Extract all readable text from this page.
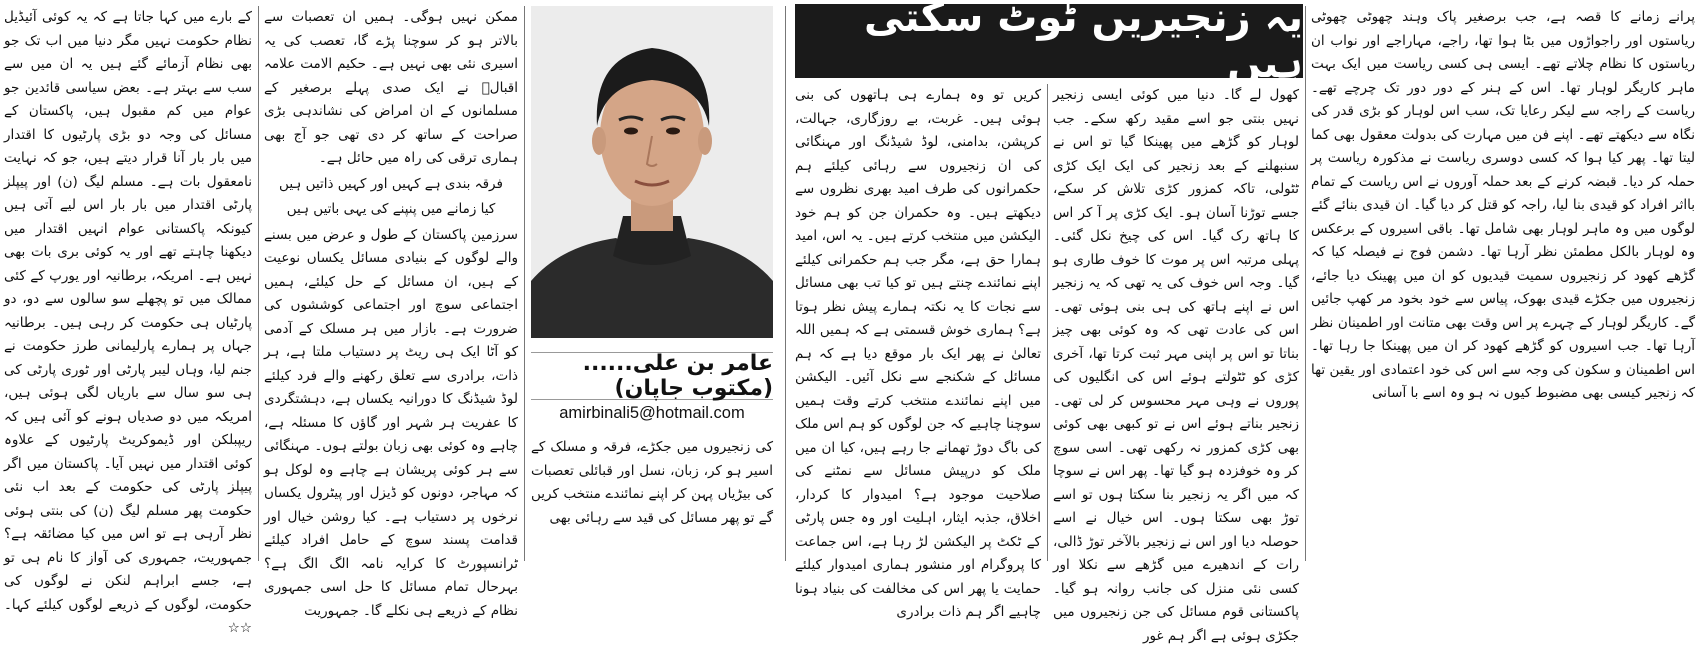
پرانے زمانے کا قصہ ہے، جب برصغیر پاک وہند چھوٹی چھوٹی ریاستوں اور راجواڑوں میں بٹا ہوا تھا، راجے، مہاراجے اور نواب ان ریاستوں کا نظام چلاتے تھے۔ ایسی ہی کسی ریاست میں ایک بہت ماہر کاریگر لوہار تھا۔ اس کے ہنر کے دور دور تک چرچے تھے۔ ریاست کے راجہ سے لیکر رعایا تک، سب اس لوہار کو بڑی قدر کی نگاہ سے دیکھتے تھے۔ اپنے فن میں مہارت کی بدولت معقول بھی کما لیتا تھا۔ پھر کیا ہوا کہ کسی دوسری ریاست نے مذکورہ ریاست پر حملہ کر دیا۔ قبضہ کرنے کے بعد حملہ آوروں نے اس ریاست کے تمام بااثر افراد کو قیدی بنا لیا، راجہ کو قتل کر دیا گیا۔ ان قیدی بنائے گئے لوگوں میں وہ ماہر لوہار بھی شامل تھا۔ باقی اسیروں کے برعکس وہ لوہار بالکل مطمئن نظر آرہا تھا۔ دشمن فوج نے فیصلہ کیا کہ گڑھے کھود کر زنجیروں سمیت قیدیوں کو ان میں پھینک دیا جائے، زنجیروں میں جکڑے قیدی بھوک، پیاس سے خود بخود مر کھپ جائیں گے۔ کاریگر لوہار کے چہرے پر اس وقت بھی متانت اور اطمینان نظر آرہا تھا۔ جب اسیروں کو گڑھے کھود کر ان میں پھینکا جا رہا تھا۔ اس اطمینان و سکون کی وجہ سے اس کی خود اعتمادی اور یقین تھا کہ زنجیر کیسی بھی مضبوط کیوں نہ ہو وہ اسے با آسانی

یہ زنجیریں ٹوٹ سکتی ہیں

کھول لے گا۔ دنیا میں کوئی ایسی زنجیر نہیں بنتی جو اسے مقید رکھ سکے۔ جب لوہار کو گڑھے میں پھینکا گیا تو اس نے سنبھلنے کے بعد زنجیر کی ایک ایک کڑی ٹٹولی، تاکہ کمزور کڑی تلاش کر سکے، جسے توڑنا آسان ہو۔ ایک کڑی پر آ کر اس کا ہاتھ رک گیا۔ اس کی چیخ نکل گئی۔ پہلی مرتبہ اس پر موت کا خوف طاری ہو گیا۔ وجہ اس خوف کی یہ تھی کہ یہ زنجیر اس نے اپنے ہاتھ کی ہی بنی ہوئی تھی۔ اس کی عادت تھی کہ وہ کوئی بھی چیز بناتا تو اس پر اپنی مہر ثبت کرتا تھا، آخری کڑی کو ٹٹولتے ہوئے اس کی انگلیوں کی پوروں نے وہی مہر محسوس کر لی تھی۔ زنجیر بناتے ہوئے اس نے تو کبھی بھی کوئی بھی کڑی کمزور نہ رکھی تھی۔ اسی سوچ کر وہ خوفزدہ ہو گیا تھا۔ پھر اس نے سوچا کہ میں اگر یہ زنجیر بنا سکتا ہوں تو اسے توڑ بھی سکتا ہوں۔ اس خیال نے اسے حوصلہ دیا اور اس نے زنجیر بالآخر توڑ ڈالی، رات کے اندھیرے میں گڑھے سے نکلا اور کسی نئی منزل کی جانب روانہ ہو گیا۔ پاکستانی قوم مسائل کی جن زنجیروں میں جکڑی ہوئی ہے اگر ہم غور

کریں تو وہ ہمارے ہی ہاتھوں کی بنی ہوئی ہیں۔ غربت، بے روزگاری، جہالت، کرپشن، بدامنی، لوڈ شیڈنگ اور مہنگائی کی ان زنجیروں سے رہائی کیلئے ہم حکمرانوں کی طرف امید بھری نظروں سے دیکھتے ہیں۔ وہ حکمران جن کو ہم خود الیکشن میں منتخب کرتے ہیں۔ یہ اس، امید ہمارا حق ہے، مگر جب ہم حکمرانی کیلئے اپنے نمائندے چنتے ہیں تو کیا تب بھی مسائل سے نجات کا یہ نکتہ ہمارے پیش نظر ہوتا ہے؟ ہماری خوش قسمتی ہے کہ ہمیں اللہ تعالیٰ نے پھر ایک بار موقع دیا ہے کہ ہم مسائل کے شکنجے سے نکل آئیں۔ الیکشن میں اپنے نمائندے منتخب کرتے وقت ہمیں سوچنا چاہیے کہ جن لوگوں کو ہم اس ملک کی باگ دوڑ تھمانے جا رہے ہیں، کیا ان میں ملک کو درپیش مسائل سے نمٹنے کی صلاحیت موجود ہے؟ امیدوار کا کردار، اخلاق، جذبہ ایثار، اہلیت اور وہ جس پارٹی کے ٹکٹ پر الیکشن لڑ رہا ہے، اس جماعت کا پروگرام اور منشور ہماری امیدوار کیلئے حمایت یا پھر اس کی مخالفت کی بنیاد ہونا چاہیے اگر ہم ذات برادری

عامر بن علی......(مکتوب جاپان)
amirbinali5@hotmail.com

کی زنجیروں میں جکڑے، فرقہ و مسلک کے اسیر ہو کر، زبان، نسل اور قبائلی تعصبات کی بیڑیاں پہن کر اپنے نمائندے منتخب کریں گے تو پھر مسائل کی قید سے رہائی بھی

ممکن نہیں ہوگی۔ ہمیں ان تعصبات سے بالاتر ہو کر سوچنا پڑے گا، تعصب کی یہ اسیری نئی بھی نہیں ہے۔ حکیم الامت علامہ اقبالؒ نے ایک صدی پہلے برصغیر کے مسلمانوں کے ان امراض کی نشاندہی بڑی صراحت کے ساتھ کر دی تھی جو آج بھی ہماری ترقی کی راہ میں حائل ہے۔

فرقہ بندی ہے کہیں اور کہیں ذاتیں ہیں

کیا زمانے میں پنپنے کی یہی باتیں ہیں

سرزمین پاکستان کے طول و عرض میں بسنے والے لوگوں کے بنیادی مسائل یکساں نوعیت کے ہیں، ان مسائل کے حل کیلئے، ہمیں اجتماعی سوچ اور اجتماعی کوششوں کی ضرورت ہے۔ بازار میں ہر مسلک کے آدمی کو آٹا ایک ہی ریٹ پر دستیاب ملتا ہے، ہر ذات، برادری سے تعلق رکھنے والے فرد کیلئے لوڈ شیڈنگ کا دورانیہ یکساں ہے، دہشتگردی کا عفریت ہر شہر اور گاؤں کا مسئلہ ہے، چاہے وہ کوئی بھی زبان بولتے ہوں۔ مہنگائی سے ہر کوئی پریشان ہے چاہے وہ لوکل ہو کہ مہاجر، دونوں کو ڈیزل اور پیٹرول یکساں نرخوں پر دستیاب ہے۔ کیا روشن خیال اور قدامت پسند سوچ کے حامل افراد کیلئے ٹرانسپورٹ کا کرایہ نامہ الگ الگ ہے؟ بہرحال تمام مسائل کا حل اسی جمہوری نظام کے ذریعے ہی نکلے گا۔ جمہوریت

کے بارے میں کہا جاتا ہے کہ یہ کوئی آئیڈیل نظام حکومت نہیں مگر دنیا میں اب تک جو بھی نظام آزمائے گئے ہیں یہ ان میں سے سب سے بہتر ہے۔ بعض سیاسی قائدین جو عوام میں کم مقبول ہیں، پاکستان کے مسائل کی وجہ دو بڑی پارٹیوں کا اقتدار میں بار بار آنا قرار دیتے ہیں، جو کہ نہایت نامعقول بات ہے۔ مسلم لیگ (ن) اور پیپلز پارٹی اقتدار میں بار بار اس لیے آتی ہیں کیونکہ پاکستانی عوام انہیں اقتدار میں دیکھنا چاہتے تھے اور یہ کوئی بری بات بھی نہیں ہے۔ امریکہ، برطانیہ اور یورپ کے کئی ممالک میں تو پچھلے سو سالوں سے دو، دو پارٹیاں ہی حکومت کر رہی ہیں۔ برطانیہ جہاں پر ہمارے پارلیمانی طرز حکومت نے جنم لیا، وہاں لیبر پارٹی اور ٹوری پارٹی کی ہی سو سال سے باریاں لگی ہوئی ہیں، امریکہ میں دو صدیاں ہونے کو آئی ہیں کہ ریپبلکن اور ڈیموکریٹ پارٹیوں کے علاوہ کوئی اقتدار میں نہیں آیا۔ پاکستان میں اگر پیپلز پارٹی کی حکومت کے بعد اب نئی حکومت پھر مسلم لیگ (ن) کی بنتی ہوئی نظر آرہی ہے تو اس میں کیا مضائقہ ہے؟ جمہوریت، جمہوری کی آواز کا نام ہی تو ہے، جسے ابراہم لنکن نے لوگوں کی حکومت، لوگوں کے ذریعے لوگوں کیلئے کہا۔☆☆
